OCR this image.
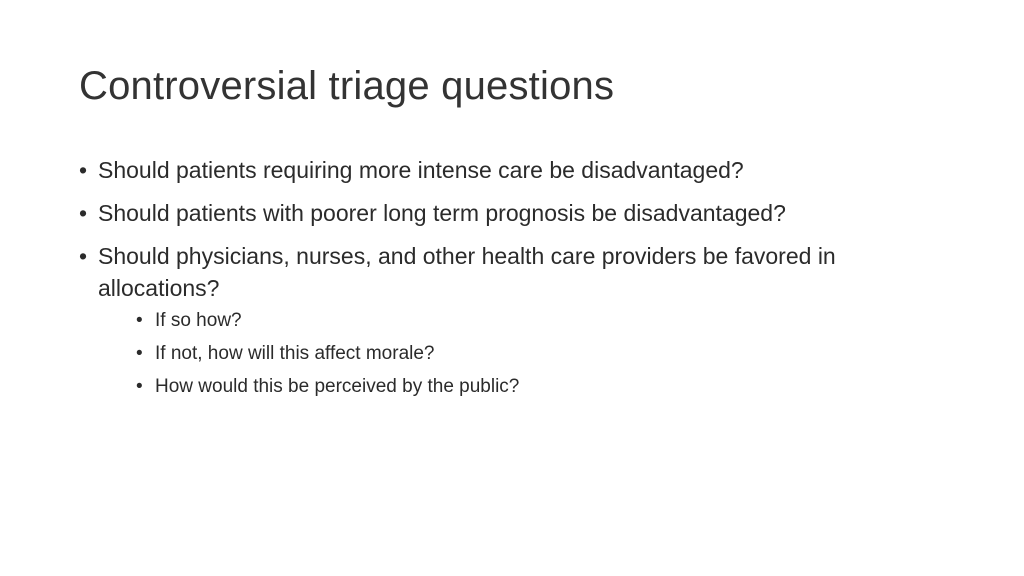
Controversial triage questions
• Should patients requiring more intense care be disadvantaged?
• Should patients with poorer long term prognosis be disadvantaged?
• Should physicians, nurses, and other health care providers be favored in allocations?
• If so how?
• If not, how will this affect morale?
• How would this be perceived by the public?
